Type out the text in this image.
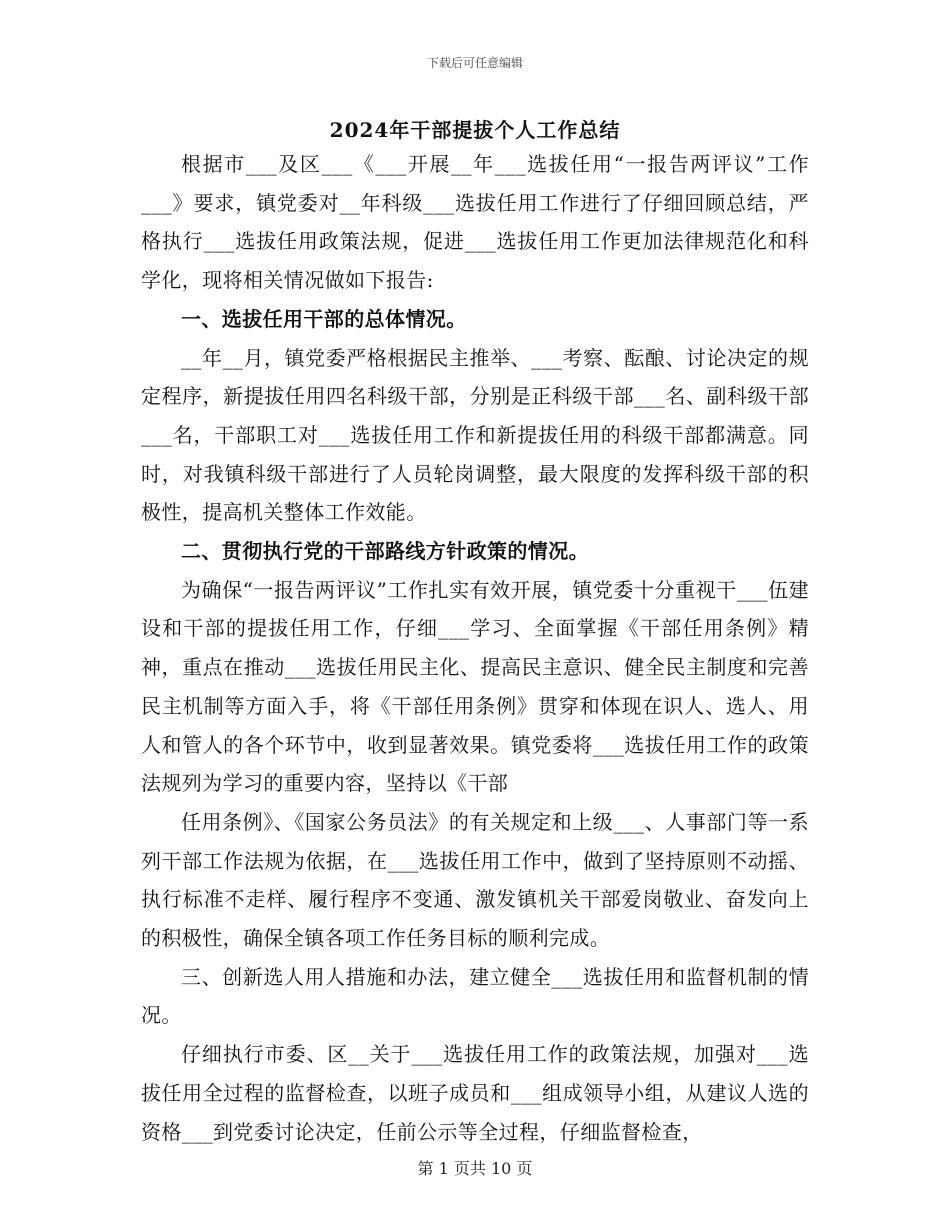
下载后可任意编辑
2024年干部提拔个人工作总结

根据市___及区___《___开展__年___选拔任用“一报告两评议”工作___》要求，镇党委对__年科级___选拔任用工作进行了仔细回顾总结，严格执行___选拔任用政策法规，促进___选拔任用工作更加法律规范化和科学化，现将相关情况做如下报告:

一、选拔任用干部的总体情况。

__年__月，镇党委严格根据民主推举、___考察、酝酿、讨论决定的规定程序，新提拔任用四名科级干部，分别是正科级干部___名、副科级干部___名，干部职工对___选拔任用工作和新提拔任用的科级干部都满意。同时，对我镇科级干部进行了人员轮岗调整，最大限度的发挥科级干部的积极性，提高机关整体工作效能。

二、贯彻执行党的干部路线方针政策的情况。

为确保“一报告两评议”工作扎实有效开展，镇党委十分重视干___伍建设和干部的提拔任用工作，仔细___学习、全面掌握《干部任用条例》精神，重点在推动___选拔任用民主化、提高民主意识、健全民主制度和完善民主机制等方面入手，将《干部任用条例》贯穿和体现在识人、选人、用人和管人的各个环节中，收到显著效果。镇党委将___选拔任用工作的政策法规列为学习的重要内容，坚持以《干部

任用条例》、《国家公务员法》的有关规定和上级___、人事部门等一系列干部工作法规为依据，在___选拔任用工作中，做到了坚持原则不动摇、执行标准不走样、履行程序不变通、激发镇机关干部爱岗敬业、奋发向上的积极性，确保全镇各项工作任务目标的顺利完成。

三、创新选人用人措施和办法，建立健全___选拔任用和监督机制的情况。

仔细执行市委、区__关于___选拔任用工作的政策法规，加强对___选拔任用全过程的监督检查，以班子成员和___组成领导小组，从建议人选的资格___到党委讨论决定，任前公示等全过程，仔细监督检查，

第 1 页共 10 页
